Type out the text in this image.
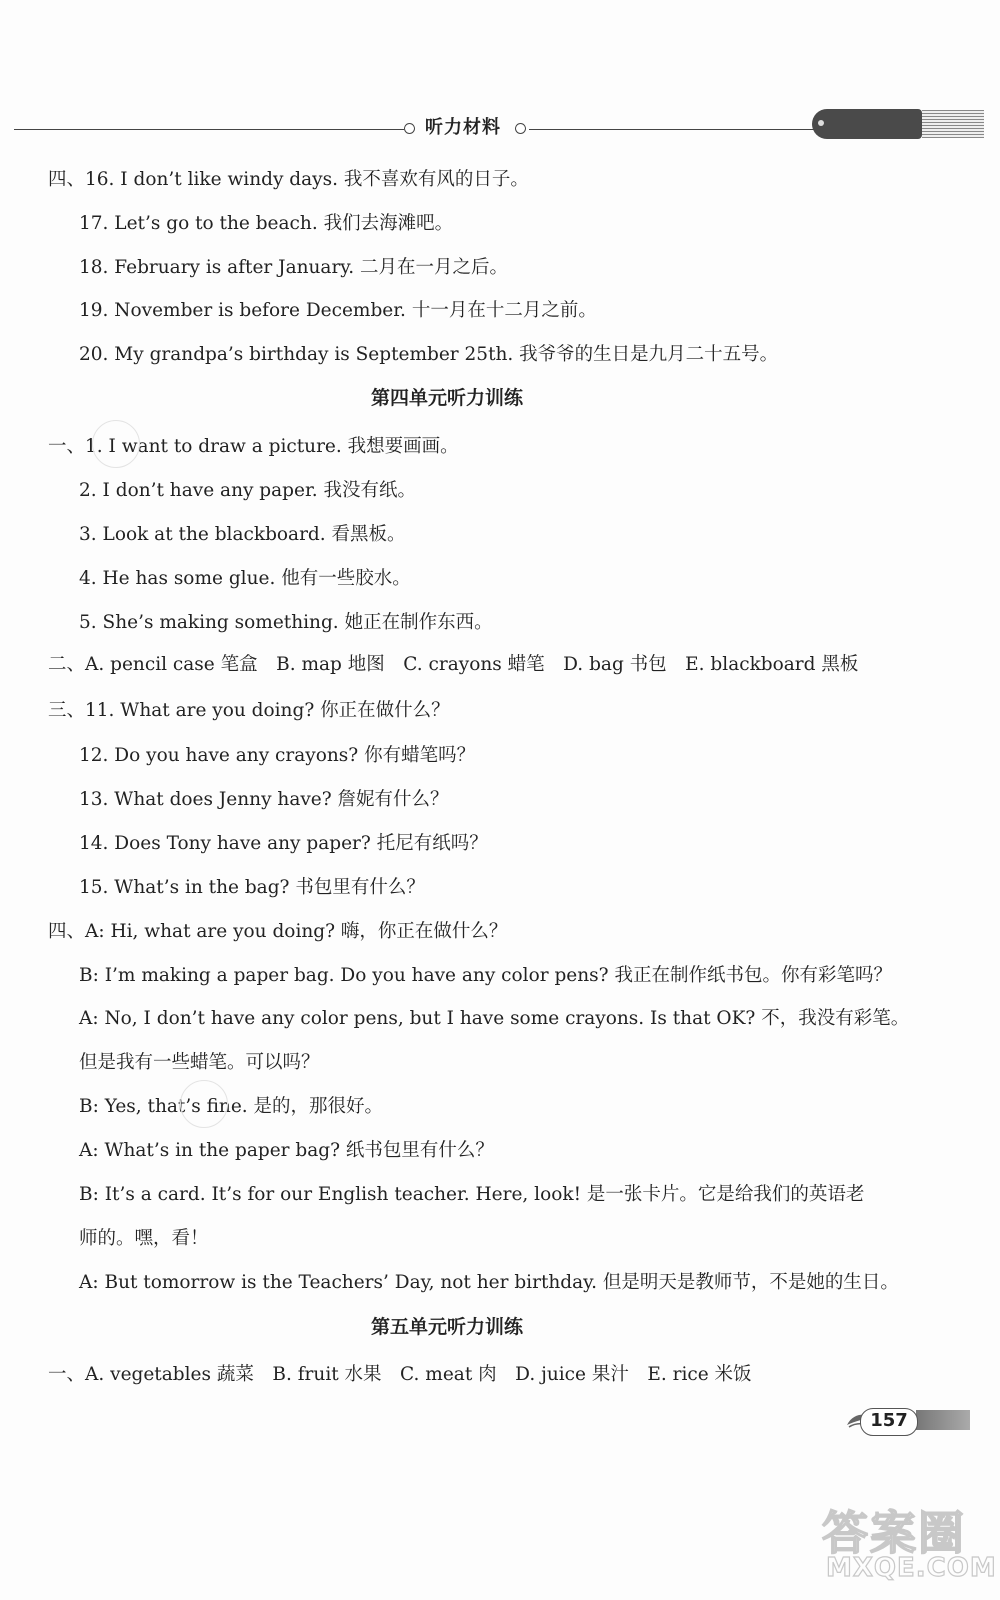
听力材料
四、16. I don’t like windy days. 我不喜欢有风的日子。
17. Let’s go to the beach. 我们去海滩吧。
18. February is after January. 二月在一月之后。
19. November is before December. 十一月在十二月之前。
20. My grandpa’s birthday is September 25th. 我爷爷的生日是九月二十五号。
第四单元听力训练
一、1. I want to draw a picture. 我想要画画。
2. I don’t have any paper. 我没有纸。
3. Look at the blackboard. 看黑板。
4. He has some glue. 他有一些胶水。
5. She’s making something. 她正在制作东西。
二、A. pencil case 笔盒　B. map 地图　C. crayons 蜡笔　D. bag 书包　E. blackboard 黑板
三、11. What are you doing? 你正在做什么？
12. Do you have any crayons? 你有蜡笔吗？
13. What does Jenny have? 詹妮有什么？
14. Does Tony have any paper? 托尼有纸吗？
15. What’s in the bag? 书包里有什么？
四、A: Hi, what are you doing? 嗨，你正在做什么？
B: I’m making a paper bag. Do you have any color pens? 我正在制作纸书包。你有彩笔吗？
A: No, I don’t have any color pens, but I have some crayons. Is that OK? 不，我没有彩笔。
但是我有一些蜡笔。可以吗？
B: Yes, that’s fine. 是的，那很好。
A: What’s in the paper bag? 纸书包里有什么？
B: It’s a card. It’s for our English teacher. Here, look! 是一张卡片。它是给我们的英语老
师的。嘿，看！
A: But tomorrow is the Teachers’ Day, not her birthday. 但是明天是教师节，不是她的生日。
第五单元听力训练
一、A. vegetables 蔬菜　B. fruit 水果　C. meat 肉　D. juice 果汁　E. rice 米饭
157
答案圈
MXQE.COM
